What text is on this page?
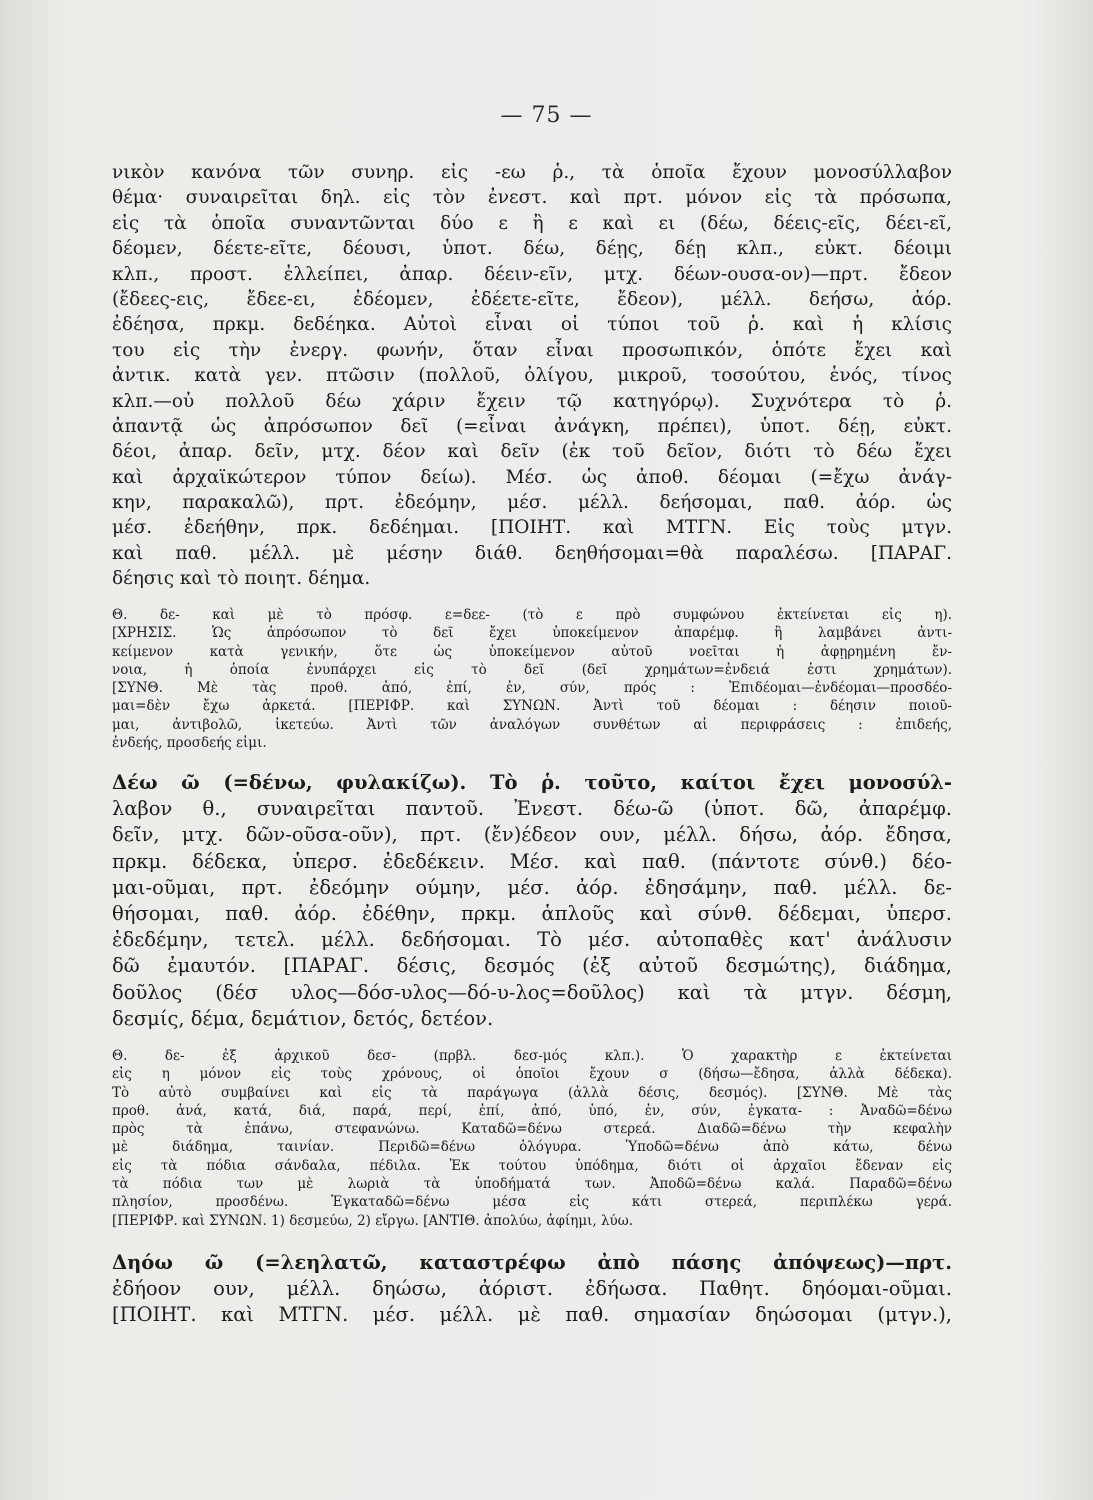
— 75 —
νικὸν κανόνα τῶν συνηρ. εἰς -εω ῥ., τὰ ὁποῖα ἔχουν μονοσύλλαβον
θέμα· συναιρεῖται δηλ. εἰς τὸν ἐνεστ. καὶ πρτ. μόνον εἰς τὰ πρόσωπα,
εἰς τὰ ὁποῖα συναντῶνται δύο ε ἢ ε καὶ ει (δέω, δέεις-εῖς, δέει-εῖ,
δέομεν, δέετε-εῖτε, δέουσι, ὑποτ. δέω, δέῃς, δέῃ κλπ., εὐκτ. δέοιμι
κλπ., προστ. ἐλλείπει, ἀπαρ. δέειν-εῖν, μτχ. δέων-ουσα-ον)—πρτ. ἔδεον
(ἔδεες-εις, ἔδεε-ει, ἐδέομεν, ἐδέετε-εῖτε, ἔδεον), μέλλ. δεήσω, ἀόρ.
ἐδέησα, πρκμ. δεδέηκα. Αὐτοὶ εἶναι οἱ τύποι τοῦ ῥ. καὶ ἡ κλίσις
του εἰς τὴν ἐνεργ. φωνήν, ὅταν εἶναι προσωπικόν, ὁπότε ἔχει καὶ
ἀντικ. κατὰ γεν. πτῶσιν (πολλοῦ, ὀλίγου, μικροῦ, τοσούτου, ἑνός, τίνος
κλπ.—οὐ πολλοῦ δέω χάριν ἔχειν τῷ κατηγόρῳ). Συχνότερα τὸ ῥ.
ἀπαντᾷ ὡς ἀπρόσωπον δεῖ (=εἶναι ἀνάγκη, πρέπει), ὑποτ. δέῃ, εὐκτ.
δέοι, ἀπαρ. δεῖν, μτχ. δέον καὶ δεῖν (ἐκ τοῦ δεῖον, διότι τὸ δέω ἔχει
καὶ ἀρχαϊκώτερον τύπον δείω). Μέσ. ὡς ἀποθ. δέομαι (=ἔχω ἀνάγ-
κην, παρακαλῶ), πρτ. ἐδεόμην, μέσ. μέλλ. δεήσομαι, παθ. ἀόρ. ὡς
μέσ. ἐδεήθην, πρκ. δεδέημαι. [ΠΟΙΗΤ. καὶ ΜΤΓΝ. Εἰς τοὺς μτγν.
καὶ παθ. μέλλ. μὲ μέσην διάθ. δεηθήσομαι=θὰ παραλέσω. [ΠΑΡΑΓ.
δέησις καὶ τὸ ποιητ. δέημα.
Θ. δε- καὶ μὲ τὸ πρόσφ. ε=δεε- (τὸ ε πρὸ συμφώνου ἐκτείνεται εἰς η).
[ΧΡΗΣΙΣ. Ὡς ἀπρόσωπον τὸ δεῖ ἔχει ὑποκείμενον ἀπαρέμφ. ἢ λαμβάνει ἀντι-
κείμενον κατὰ γενικήν, ὅτε ὡς ὑποκείμενον αὐτοῦ νοεῖται ἡ ἀφῃρημένη ἔν-
νοια, ἡ ὁποία ἐνυπάρχει εἰς τὸ δεῖ (δεῖ χρημάτων=ἐνδειά ἐστι χρημάτων).
[ΣΥΝΘ. Μὲ τὰς προθ. ἀπό, ἐπί, ἐν, σύν, πρός : Ἐπιδέομαι—ἐνδέομαι—προσδέο-
μαι=δὲν ἔχω ἀρκετά. [ΠΕΡΙΦΡ. καὶ ΣΥΝΩΝ. Ἀντὶ τοῦ δέομαι : δέησιν ποιοῦ-
μαι, ἀντιβολῶ, ἱκετεύω. Ἀντὶ τῶν ἀναλόγων συνθέτων αἱ περιφράσεις : ἐπιδεής,
ἐνδεής, προσδεής εἰμι.
Δέω ῶ (=δένω, φυλακίζω). Τὸ ῥ. τοῦτο, καίτοι ἔχει μονοσύλ-
λαβον θ., συναιρεῖται παντοῦ. Ἐνεστ. δέω-ῶ (ὑποτ. δῶ, ἀπαρέμφ.
δεῖν, μτχ. δῶν-οῦσα-οῦν), πρτ. (ἔν)έδεον ουν, μέλλ. δήσω, ἀόρ. ἔδησα,
πρκμ. δέδεκα, ὑπερσ. ἐδεδέκειν. Μέσ. καὶ παθ. (πάντοτε σύνθ.) δέο-
μαι-οῦμαι, πρτ. ἐδεόμην ούμην, μέσ. ἀόρ. ἐδησάμην, παθ. μέλλ. δε-
θήσομαι, παθ. ἀόρ. ἐδέθην, πρκμ. ἁπλοῦς καὶ σύνθ. δέδεμαι, ὑπερσ.
ἐδεδέμην, τετελ. μέλλ. δεδήσομαι. Τὸ μέσ. αὐτοπαθὲς κατ' ἀνάλυσιν
δῶ ἐμαυτόν. [ΠΑΡΑΓ. δέσις, δεσμός (ἐξ αὐτοῦ δεσμώτης), διάδημα,
δοῦλος (δέσ υλος—δόσ-υλος—δό-υ-λος=δοῦλος) καὶ τὰ μτγν. δέσμη,
δεσμίς, δέμα, δεμάτιον, δετός, δετέον.
Θ. δε- ἐξ ἀρχικοῦ δεσ- (πρβλ. δεσ-μός κλπ.). Ὁ χαρακτὴρ ε ἐκτείνεται
εἰς η μόνον εἰς τοὺς χρόνους, οἱ ὁποῖοι ἔχουν σ (δήσω—ἔδησα, ἀλλὰ δέδεκα).
Τὸ αὐτὸ συμβαίνει καὶ εἰς τὰ παράγωγα (ἀλλὰ δέσις, δεσμός). [ΣΥΝΘ. Μὲ τὰς
προθ. ἀνά, κατά, διά, παρά, περί, ἐπί, ἀπό, ὑπό, ἐν, σύν, ἐγκατα- : Ἀναδῶ=δένω
πρὸς τὰ ἐπάνω, στεφανώνω. Καταδῶ=δένω στερεά. Διαδῶ=δένω τὴν κεφαλὴν
μὲ διάδημα, ταινίαν. Περιδῶ=δένω ὁλόγυρα. Ὑποδῶ=δένω ἀπὸ κάτω, δένω
εἰς τὰ πόδια σάνδαλα, πέδιλα. Ἐκ τούτου ὑπόδημα, διότι οἱ ἀρχαῖοι ἔδεναν εἰς
τὰ πόδια των μὲ λωριὰ τὰ ὑποδήματά των. Ἀποδῶ=δένω καλά. Παραδῶ=δένω
πλησίον, προσδένω. Ἐγκαταδῶ=δένω μέσα εἰς κάτι στερεά, περιπλέκω γερά.
[ΠΕΡΙΦΡ. καὶ ΣΥΝΩΝ. 1) δεσμεύω, 2) εἴργω. [ΑΝΤΙΘ. ἀπολύω, ἀφίημι, λύω.
Δηόω ῶ (=λεηλατῶ, καταστρέφω ἀπὸ πάσης ἀπόψεως)—πρτ.
ἐδήοον ουν, μέλλ. δηώσω, ἀόριστ. ἐδήωσα. Παθητ. δηόομαι-οῦμαι.
[ΠΟΙΗΤ. καὶ ΜΤΓΝ. μέσ. μέλλ. μὲ παθ. σημασίαν δηώσομαι (μτγν.),
